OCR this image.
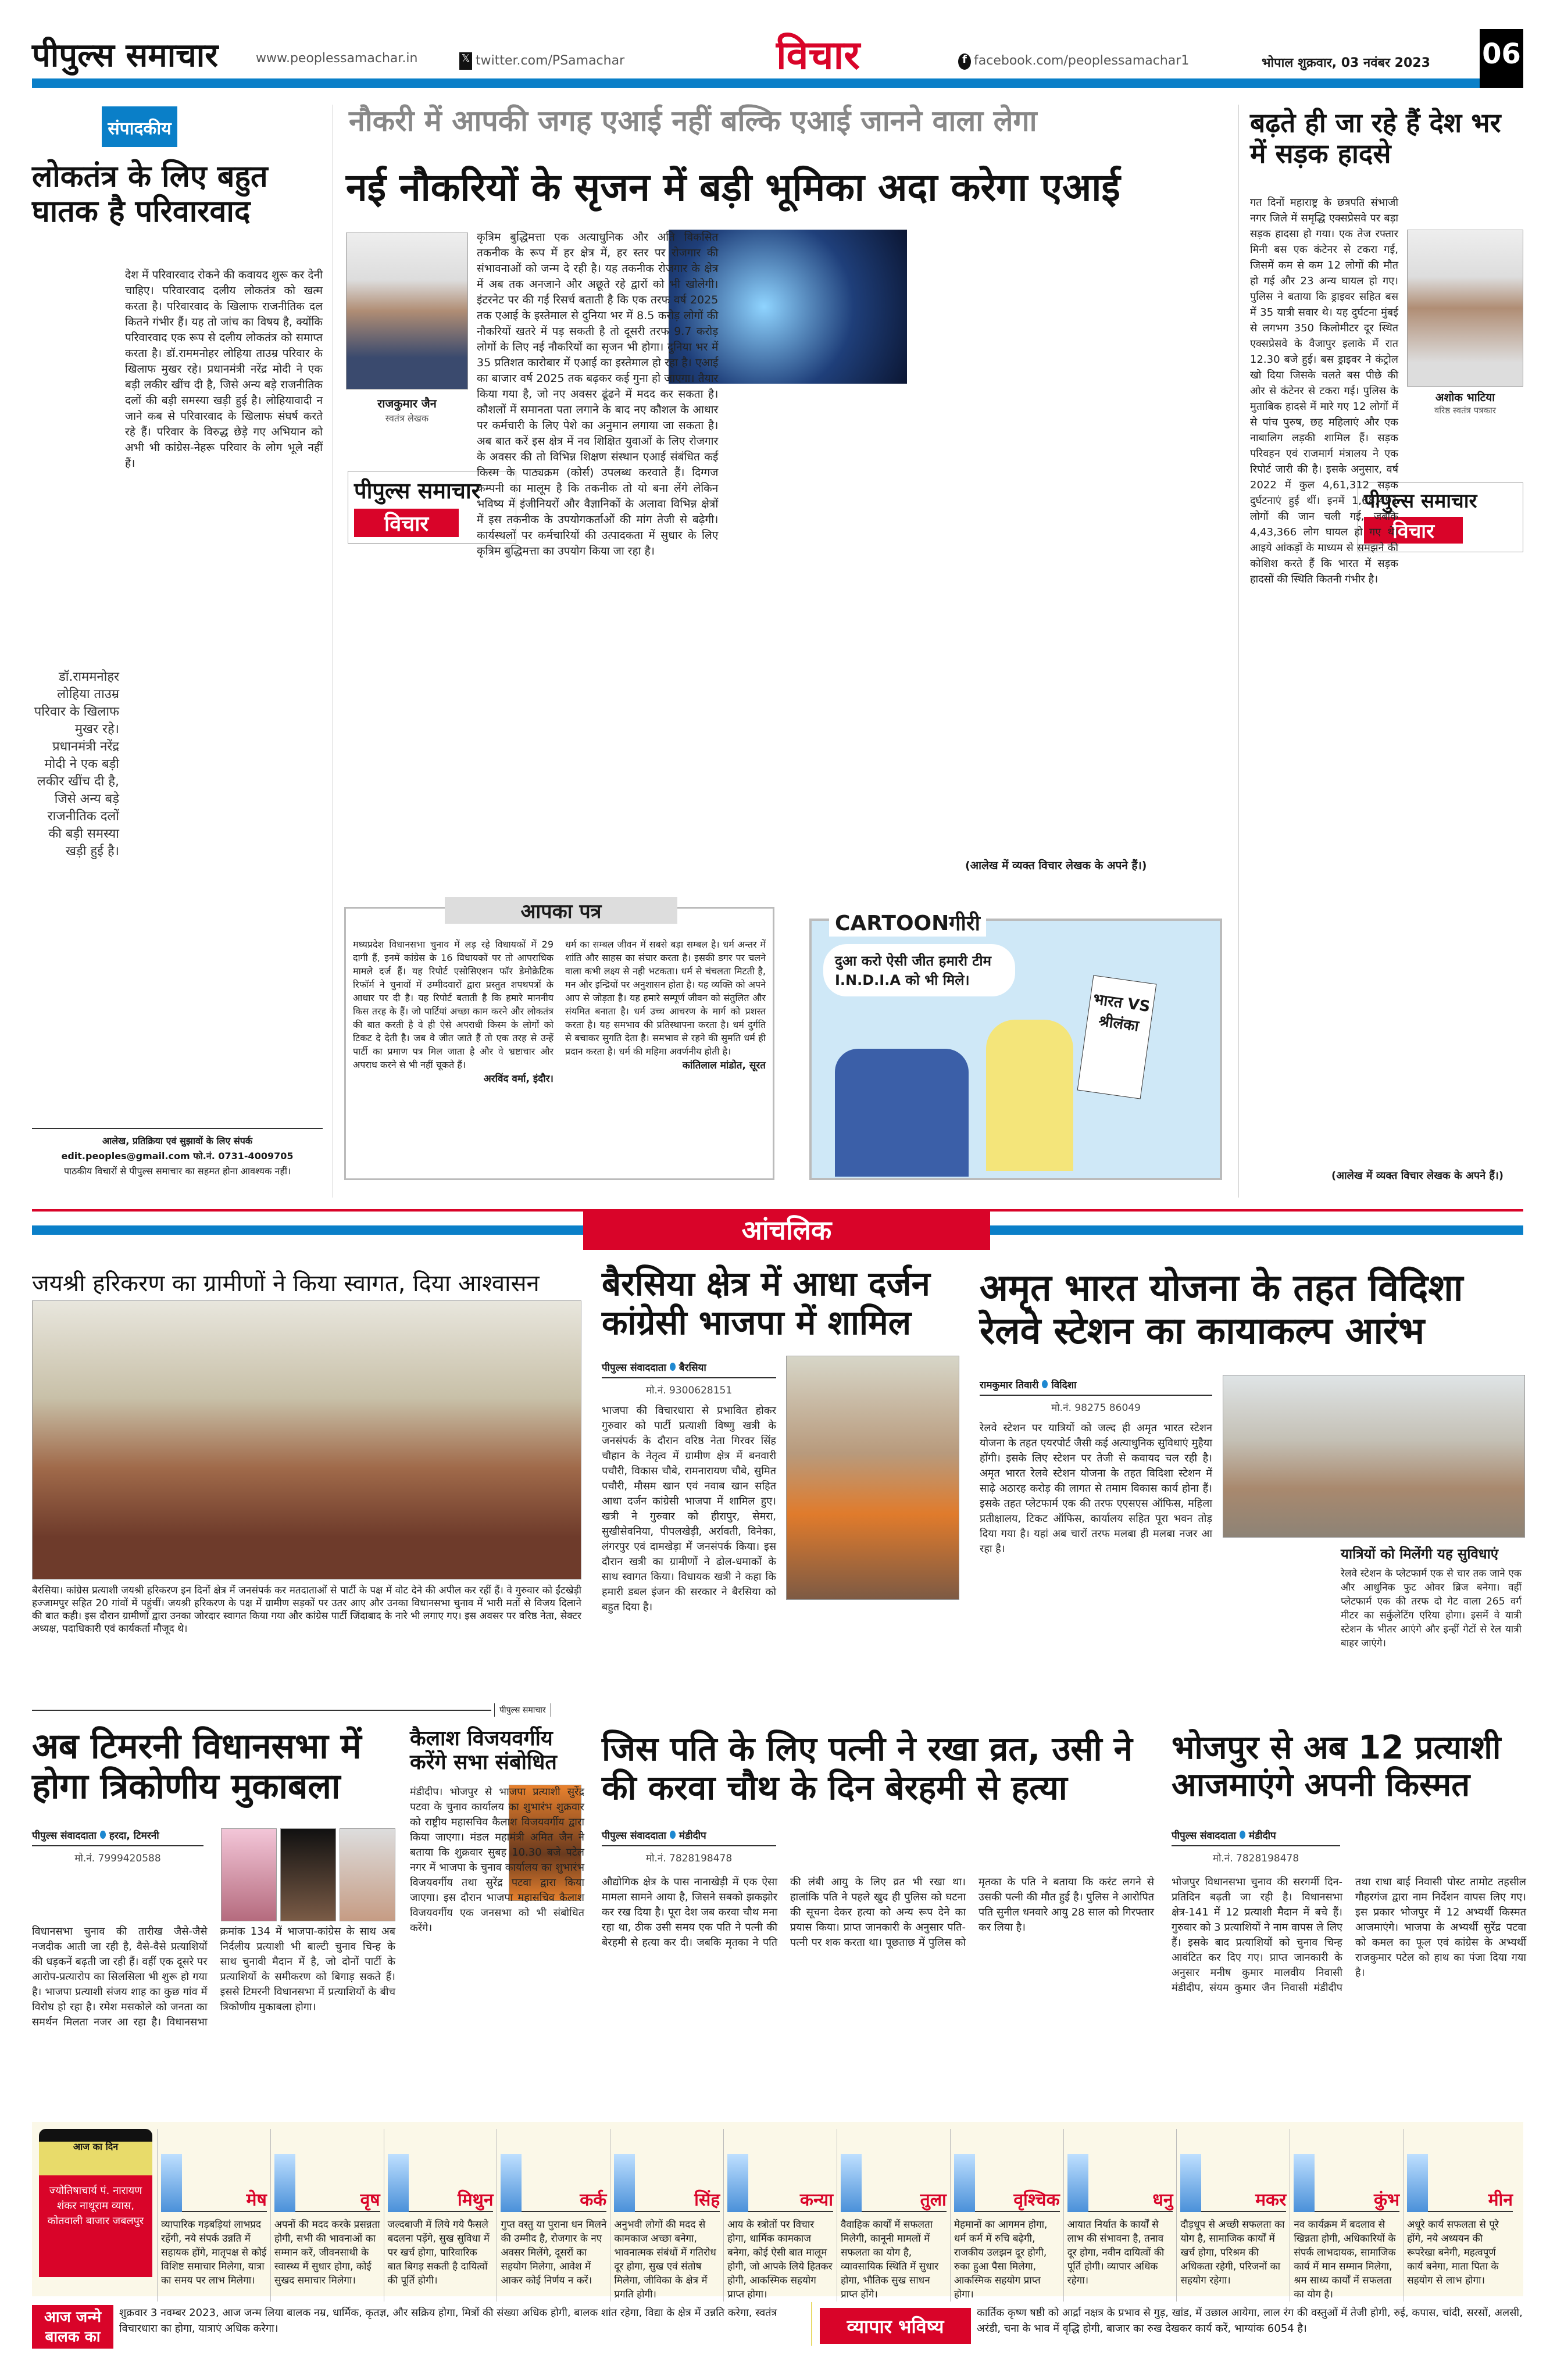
पीपुल्स समाचार	www.peoplessamachar.in	𝕏 twitter.com/PSamachar	विचार	f facebook.com/peoplessamachar1	भोपाल शुक्रवार, 03 नवंबर 2023 06
संपादकीय
लोकतंत्र के लिए बहुत घातक है परिवारवाद
देश में परिवारवाद रोकने की कवायद शुरू कर देनी चाहिए। परिवारवाद दलीय लोकतंत्र को खत्म करता है। परिवारवाद के खिलाफ राजनीतिक दल कितने गंभीर हैं। यह तो जांच का विषय है, क्योंकि परिवारवाद एक रूप से दलीय लोकतंत्र को समाप्त करता है। डॉ.राममनोहर लोहिया ताउम्र परिवार के खिलाफ मुखर रहे। प्रधानमंत्री नरेंद्र मोदी ने एक बड़ी लकीर खींच दी है, जिसे अन्य बड़े राजनीतिक दलों की बड़ी समस्या खड़ी हुई है। लोहियावादी न जाने कब से परिवारवाद के खिलाफ संघर्ष करते रहे हैं। परिवार के विरुद्ध छेड़े गए अभियान को अभी भी कांग्रेस-नेहरू परिवार के लोग भूले नहीं हैं।
डॉ.राममनोहर लोहिया ताउम्र परिवार के खिलाफ मुखर रहे। प्रधानमंत्री नरेंद्र मोदी ने एक बड़ी लकीर खींच दी है, जिसे अन्य बड़े राजनीतिक दलों की बड़ी समस्या खड़ी हुई है।
आलेख, प्रतिक्रिया एवं सुझावों के लिए संपर्क
edit.peoples@gmail.com फो.नं. 0731-4009705
पाठकीय विचारों से पीपुल्स समाचार का सहमत होना आवश्यक नहीं।
नौकरी में आपकी जगह एआई नहीं बल्कि एआई जानने वाला लेगा
नई नौकरियों के सृजन में बड़ी भूमिका अदा करेगा एआई
राजकुमार जैन
स्वतंत्र लेखक
पीपुल्स समाचार
विचार
कृत्रिम बुद्धिमत्ता एक अत्याधुनिक और अति विकसित तकनीक के रूप में हर क्षेत्र में, हर स्तर पर रोजगार की संभावनाओं को जन्म दे रही है। यह तकनीक रोजगार के क्षेत्र में अब तक अनजाने और अछूते रहे द्वारों को भी खोलेगी। इंटरनेट पर की गई रिसर्च बताती है कि एक तरफ वर्ष 2025 तक एआई के इस्तेमाल से दुनिया भर में 8.5 करोड़ लोगों की नौकरियों खतरे में पड़ सकती है तो दूसरी तरफ 9.7 करोड़ लोगों के लिए नई नौकरियों का सृजन भी होगा। दुनिया भर में 35 प्रतिशत कारोबार में एआई का इस्तेमाल हो रहा है। एआई का बाजार वर्ष 2025 तक बढ़कर कई गुना हो जाएगा। तैयार किया गया है, जो नए अवसर ढूंढने में मदद कर सकता है। कौशलों में समानता पता लगाने के बाद नए कौशल के आधार पर कर्मचारी के लिए पेशे का अनुमान लगाया जा सकता है। अब बात करें इस क्षेत्र में नव शिक्षित युवाओं के लिए रोजगार के अवसर की तो विभिन्न शिक्षण संस्थान एआई संबंधित कई किस्म के पाठ्यक्रम (कोर्स) उपलब्ध करवाते हैं। दिग्गज कम्पनी का मालूम है कि तकनीक तो यो बना लेंगे लेकिन भविष्य में इंजीनियरों और वैज्ञानिकों के अलावा विभिन्न क्षेत्रों में इस तकनीक के उपयोगकर्ताओं की मांग तेजी से बढ़ेगी। कार्यस्थलों पर कर्मचारियों की उत्पादकता में सुधार के लिए कृत्रिम बुद्धिमत्ता का उपयोग किया जा रहा है।
(आलेख में व्यक्त विचार लेखक के अपने हैं।)
आपका पत्र
मध्यप्रदेश विधानसभा चुनाव में लड़ रहे विधायकों में 29 दागी हैं, इनमें कांग्रेस के 16 विधायकों पर तो आपराधिक मामले दर्ज हैं। यह रिपोर्ट एसोसिएशन फॉर डेमोक्रेटिक रिफॉर्म ने चुनावों में उम्मीदवारों द्वारा प्रस्तुत शपथपत्रों के आधार पर दी है। यह रिपोर्ट बताती है कि हमारे माननीय किस तरह के हैं। जो पार्टियां अच्छा काम करने और लोकतंत्र की बात करती है वे ही ऐसे अपराधी किस्म के लोगों को टिकट दे देती है। जब वे जीत जाते हैं तो एक तरह से उन्हें पार्टी का प्रमाण पत्र मिल जाता है और वे भ्रष्टाचार और अपराध करने से भी नहीं चूकते हैं।
अरविंद वर्मा, इंदौर।
धर्म का सम्बल जीवन में सबसे बड़ा सम्बल है। धर्म अन्तर में शांति और साहस का संचार करता है। इसकी डगर पर चलने वाला कभी लक्ष्य से नही भटकता। धर्म से चंचलता मिटती है, मन और इन्द्रियों पर अनुशासन होता है। यह व्यक्ति को अपने आप से जोड़ता है। यह हमारे सम्पूर्ण जीवन को संतुलित और संयमित बनाता है। धर्म उच्च आचरण के मार्ग को प्रशस्त करता है। यह समभाव की प्रतिस्थापना करता है। धर्म दुर्गति से बचाकर सुगति देता है। समभाव से रहने की सुमति धर्म ही प्रदान करता है। धर्म की महिमा अवर्णनीय होती है।
कांतिलाल मांडोत, सूरत
CARTOONगीरी
दुआ करो ऐसी जीत हमारी टीम I.N.D.I.A को भी मिले।
भारत VS श्रीलंका
बढ़ते ही जा रहे हैं देश भर में सड़क हादसे
अशोक भाटिया
वरिष्ठ स्वतंत्र पत्रकार
पीपुल्स समाचार
विचार
गत दिनों महाराष्ट्र के छत्रपति संभाजी नगर जिले में समृद्धि एक्सप्रेसवे पर बड़ा सड़क हादसा हो गया। एक तेज रफ्तार मिनी बस एक कंटेनर से टकरा गई, जिसमें कम से कम 12 लोगों की मौत हो गई और 23 अन्य घायल हो गए। पुलिस ने बताया कि ड्राइवर सहित बस में 35 यात्री सवार थे। यह दुर्घटना मुंबई से लगभग 350 किलोमीटर दूर स्थित एक्सप्रेसवे के वैजापुर इलाके में रात 12.30 बजे हुई। बस ड्राइवर ने कंट्रोल खो दिया जिसके चलते बस पीछे की ओर से कंटेनर से टकरा गई। पुलिस के मुताबिक हादसे में मारे गए 12 लोगों में से पांच पुरुष, छह महिलाएं और एक नाबालिग लड़की शामिल हैं। सड़क परिवहन एवं राजमार्ग मंत्रालय ने एक रिपोर्ट जारी की है। इसके अनुसार, वर्ष 2022 में कुल 4,61,312 सड़क दुर्घटनाएं हुई थीं। इनमें 1,68,491 लोगों की जान चली गई, जबकि 4,43,366 लोग घायल हो गए थे। आइये आंकड़ों के माध्यम से समझने की कोशिश करते हैं कि भारत में सड़क हादसों की स्थिति कितनी गंभीर है।
(आलेख में व्यक्त विचार लेखक के अपने हैं।)
आंचलिक
जयश्री हरिकरण का ग्रामीणों ने किया स्वागत, दिया आश्वासन
बैरसिया। कांग्रेस प्रत्याशी जयश्री हरिकरण इन दिनों क्षेत्र में जनसंपर्क कर मतदाताओं से पार्टी के पक्ष में वोट देने की अपील कर रहीं हैं। वे गुरुवार को ईंटखेड़ी हज्जामपुर सहित 20 गांवों में पहुंचीं। जयश्री हरिकरण के पक्ष में ग्रामीण सड़कों पर उतर आए और उनका विधानसभा चुनाव में भारी मतों से विजय दिलाने की बात कही। इस दौरान ग्रामीणों द्वारा उनका जोरदार स्वागत किया गया और कांग्रेस पार्टी जिंदाबाद के नारे भी लगाए गए। इस अवसर पर वरिष्ठ नेता, सेक्टर अध्यक्ष, पदाधिकारी एवं कार्यकर्ता मौजूद थे।
पीपुल्स समाचार
बैरसिया क्षेत्र में आधा दर्जन कांग्रेसी भाजपा में शामिल
पीपुल्स संवाददाता बैरसिया
मो.नं. 9300628151
भाजपा की विचारधारा से प्रभावित होकर गुरुवार को पार्टी प्रत्याशी विष्णु खत्री के जनसंपर्क के दौरान वरिष्ठ नेता गिरवर सिंह चौहान के नेतृत्व में ग्रामीण क्षेत्र में बनवारी पचौरी, विकास चौबे, रामनारायण चौबे, सुमित पचौरी, मौसम खान एवं नवाब खान सहित आधा दर्जन कांग्रेसी भाजपा में शामिल हुए। खत्री ने गुरुवार को हीरापुर, सेमरा, सुखीसेवनिया, पीपलखेड़ी, अर्रावती, विनेका, लंगरपुर एवं दामखेड़ा में जनसंपर्क किया। इस दौरान खत्री का ग्रामीणों ने ढोल-धमाकों के साथ स्वागत किया। विधायक खत्री ने कहा कि हमारी डबल इंजन की सरकार ने बैरसिया को बहुत दिया है।
अमृत भारत योजना के तहत विदिशा रेलवे स्टेशन का कायाकल्प आरंभ
रामकुमार तिवारी विदिशा
मो.नं. 98275 86049
रेलवे स्टेशन पर यात्रियों को जल्द ही अमृत भारत स्टेशन योजना के तहत एयरपोर्ट जैसी कई अत्याधुनिक सुविधाएं मुहैया होंगी। इसके लिए स्टेशन पर तेजी से कवायद चल रही है। अमृत भारत रेलवे स्टेशन योजना के तहत विदिशा स्टेशन में साढ़े अठारह करोड़ की लागत से तमाम विकास कार्य होना हैं। इसके तहत प्लेटफार्म एक की तरफ एएसएस ऑफिस, महिला प्रतीक्षालय, टिकट ऑफिस, कार्यालय सहित पूरा भवन तोड़ दिया गया है। यहां अब चारों तरफ मलबा ही मलबा नजर आ रहा है।	यात्रियों को मिलेंगी यह सुविधाएं
रेलवे स्टेशन के प्लेटफार्म एक से चार तक जाने एक और आधुनिक फुट ओवर ब्रिज बनेगा। वहीं प्लेटफार्म एक की तरफ दो गेट वाला 265 वर्ग मीटर का सर्कुलेटिंग एरिया होगा। इसमें वे यात्री स्टेशन के भीतर आएंगे और इन्हीं गेटों से रेल यात्री बाहर जाएंगे।
अब टिमरनी विधानसभा में होगा त्रिकोणीय मुकाबला
पीपुल्स संवाददाता हरदा, टिमरनी
मो.नं. 7999420588
विधानसभा चुनाव की तारीख जैसे-जैसे नजदीक आती जा रही है, वैसे-वैसे प्रत्याशियों की धड़कनें बढ़ती जा रही हैं। वहीं एक दूसरे पर आरोप-प्रत्यारोप का सिलसिला भी शुरू हो गया है। भाजपा प्रत्याशी संजय शाह का कुछ गांव में विरोध हो रहा है। रमेश मसकोले को जनता का समर्थन मिलता नजर आ रहा है। विधानसभा क्रमांक 134 में भाजपा-कांग्रेस के साथ अब निर्दलीय प्रत्याशी भी बाल्टी चुनाव चिन्ह के साथ चुनावी मैदान में है, जो दोनों पार्टी के प्रत्याशियों के समीकरण को बिगाड़ सकते हैं। इससे टिमरनी विधानसभा में प्रत्याशियों के बीच त्रिकोणीय मुकाबला होगा।
कैलाश विजयवर्गीय करेंगे सभा संबोधित
मंडीदीप। भोजपुर से भाजपा प्रत्याशी सुरेंद्र पटवा के चुनाव कार्यालय का शुभारंभ शुक्रवार को राष्ट्रीय महासचिव कैलाश विजयवर्गीय द्वारा किया जाएगा। मंडल महामंत्री अमित जैन ने बताया कि शुक्रवार सुबह 10.30 बजे पटेल नगर में भाजपा के चुनाव कार्यालय का शुभारंभ विजयवर्गीय तथा सुरेंद्र पटवा द्वारा किया जाएगा। इस दौरान भाजपा महासचिव कैलाश विजयवर्गीय एक जनसभा को भी संबोधित करेंगे।
जिस पति के लिए पत्नी ने रखा व्रत, उसी ने की करवा चौथ के दिन बेरहमी से हत्या
पीपुल्स संवाददाता मंडीदीप
मो.नं. 7828198478
औद्योगिक क्षेत्र के पास नानाखेड़ी में एक ऐसा मामला सामने आया है, जिसने सबको झकझोर कर रख दिया है। पूरा देश जब करवा चौथ मना रहा था, ठीक उसी समय एक पति ने पत्नी की बेरहमी से हत्या कर दी। जबकि मृतका ने पति की लंबी आयु के लिए व्रत भी रखा था। हालांकि पति ने पहले खुद ही पुलिस को घटना की सूचना देकर हत्या को अन्य रूप देने का प्रयास किया। प्राप्त जानकारी के अनुसार पति-पत्नी पर शक करता था। पूछताछ में पुलिस को मृतका के पति ने बताया कि करंट लगने से उसकी पत्नी की मौत हुई है। पुलिस ने आरोपित पति सुनील धनवारे आयु 28 साल को गिरफ्तार कर लिया है।
भोजपुर से अब 12 प्रत्याशी आजमाएंगे अपनी किस्मत
पीपुल्स संवाददाता मंडीदीप
मो.नं. 7828198478
भोजपुर विधानसभा चुनाव की सरगर्मी दिन-प्रतिदिन बढ़ती जा रही है। विधानसभा क्षेत्र-141 में 12 प्रत्याशी मैदान में बचे हैं। गुरुवार को 3 प्रत्याशियों ने नाम वापस ले लिए हैं। इसके बाद प्रत्याशियों को चुनाव चिन्ह आवंटित कर दिए गए। प्राप्त जानकारी के अनुसार मनीष कुमार मालवीय निवासी मंडीदीप, संयम कुमार जैन निवासी मंडीदीप तथा राधा बाई निवासी पोस्ट तामोट तहसील गौहरगंज द्वारा नाम निर्देशन वापस लिए गए। इस प्रकार भोजपुर में 12 अभ्यर्थी किस्मत आजमाएंगे। भाजपा के अभ्यर्थी सुरेंद्र पटवा को कमल का फूल एवं कांग्रेस के अभ्यर्थी राजकुमार पटेल को हाथ का पंजा दिया गया है।
आज का दिन
ज्योतिषाचार्य पं. नारायण शंकर नाथूराम व्यास, कोतवाली बाजार जबलपुर
मेष
व्यापारिक गड़बड़ियां लाभप्रद रहेंगी, नये संपर्क उन्नति में सहायक होंगे, मातृपक्ष से कोई विशिष्ट समाचार मिलेगा, यात्रा का समय पर लाभ मिलेगा।
वृष
अपनों की मदद करके प्रसन्नता होगी, सभी की भावनाओं का सम्मान करें, जीवनसाथी के स्वास्थ्य में सुधार होगा, कोई सुखद समाचार मिलेगा।
मिथुन
जल्दबाजी में लिये गये फैसले बदलना पड़ेंगे, सुख सुविधा में पर खर्च होगा, पारिवारिक बात बिगड़ सकती है दायित्वों की पूर्ति होगी।
कर्क
गुप्त वस्तु या पुराना धन मिलने की उम्मीद है, रोजगार के नए अवसर मिलेंगे, दूसरों का सहयोग मिलेगा, आवेश में आकर कोई निर्णय न करें।
सिंह
अनुभवी लोगों की मदद से कामकाज अच्छा बनेगा, भावनात्मक संबंधों में गतिरोध दूर होगा, सुख एवं संतोष मिलेगा, जीविका के क्षेत्र में प्रगति होगी।
कन्या
आय के स्त्रोतों पर विचार होगा, धार्मिक कामकाज बनेगा, कोई ऐसी बात मालूम होगी, जो आपके लिये हितकर होगी, आकस्मिक सहयोग प्राप्त होगा।
तुला
वैवाहिक कार्यों में सफलता मिलेगी, कानूनी मामलों में सफलता का योग है, व्यावसायिक स्थिति में सुधार होगा, भौतिक सुख साधन प्राप्त होंगे।
वृश्चिक
मेहमानों का आगमन होगा, धर्म कर्म में रुचि बढ़ेगी, राजकीय उलझन दूर होगी, रुका हुआ पैसा मिलेगा, आकस्मिक सहयोग प्राप्त होगा।
धनु
आयात निर्यात के कार्यों से लाभ की संभावना है, तनाव दूर होगा, नवीन दायित्वों की पूर्ति होगी। व्यापार अधिक रहेगा।
मकर
दौड़धूप से अच्छी सफलता का योग है, सामाजिक कार्यों में खर्च होगा, परिश्रम की अधिकता रहेगी, परिजनों का सहयोग रहेगा।
कुंभ
नव कार्यक्रम में बदलाव से खिन्नता होगी, अधिकारियों के संपर्क लाभदायक, सामाजिक कार्य में मान सम्मान मिलेगा, श्रम साध्य कार्यों में सफलता का योग है।
मीन
अधूरे कार्य सफलता से पूरे होंगे, नये अध्ययन की रूपरेखा बनेगी, महत्वपूर्ण कार्य बनेगा, माता पिता के सहयोग से लाभ होगा।
आज जन्मे बालक का फल
शुक्रवार 3 नवम्बर 2023, आज जन्म लिया बालक नम्र, धार्मिक, कृतज्ञ, और सक्रिय होगा, मित्रों की संख्या अधिक होगी, बालक शांत रहेगा, विद्या के क्षेत्र में उन्नति करेगा, स्वतंत्र विचारधारा का होगा, यात्राएं अधिक करेगा।	व्यापार भविष्य
कार्तिक कृष्ण षष्ठी को आर्द्रा नक्षत्र के प्रभाव से गुड़, खांड, में उछाल आयेगा, लाल रंग की वस्तुओं में तेजी होगी, रुई, कपास, चांदी, सरसों, अलसी, अरंडी, चना के भाव में वृद्धि होगी, बाजार का रुख देखकर कार्य करें, भाग्यांक 6054 है।
